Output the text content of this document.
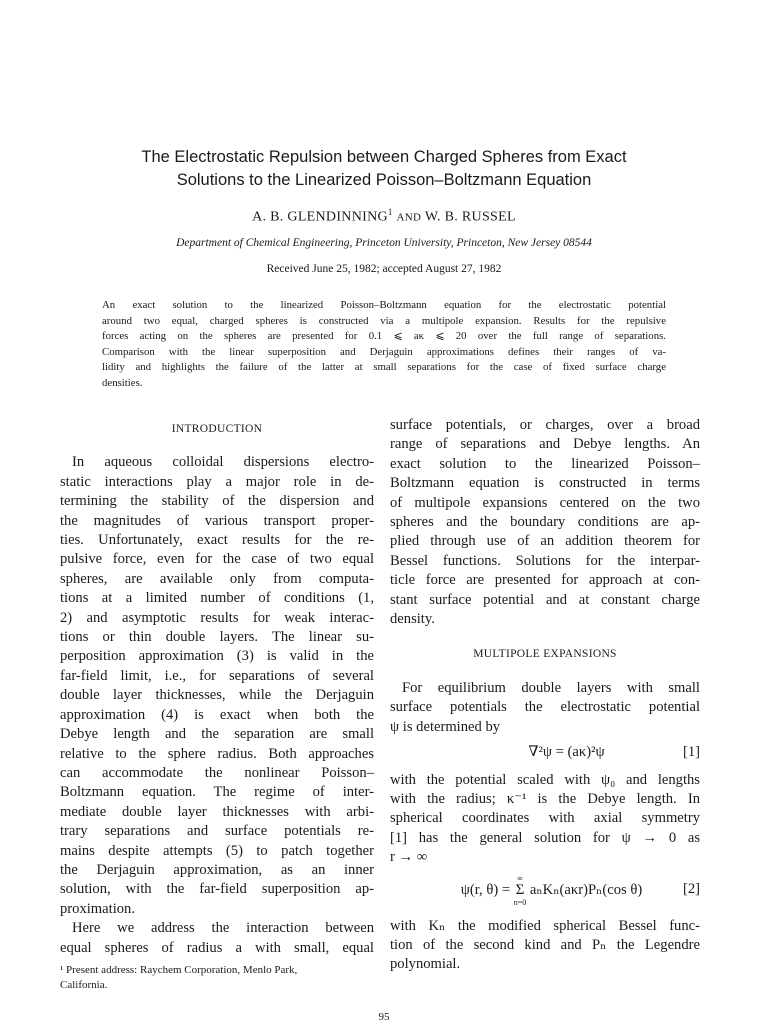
The Electrostatic Repulsion between Charged Spheres from Exact
Solutions to the Linearized Poisson–Boltzmann Equation
A. B. GLENDINNING$^1$ AND W. B. RUSSEL
Department of Chemical Engineering, Princeton University, Princeton, New Jersey 08544
Received June 25, 1982; accepted August 27, 1982
An exact solution to the linearized Poisson–Boltzmann equation for the electrostatic potential
around two equal, charged spheres is constructed via a multipole expansion. Results for the repulsive
forces acting on the spheres are presented for 0.1 ⩽ aκ ⩽ 20 over the full range of separations.
Comparison with the linear superposition and Derjaguin approximations defines their ranges of va-
lidity and highlights the failure of the latter at small separations for the case of fixed surface charge
densities.
INTRODUCTION
In aqueous colloidal dispersions electro-
static interactions play a major role in de-
termining the stability of the dispersion and
the magnitudes of various transport proper-
ties. Unfortunately, exact results for the re-
pulsive force, even for the case of two equal
spheres, are available only from computa-
tions at a limited number of conditions (1,
2) and asymptotic results for weak interac-
tions or thin double layers. The linear su-
perposition approximation (3) is valid in the
far-field limit, i.e., for separations of several
double layer thicknesses, while the Derjaguin
approximation (4) is exact when both the
Debye length and the separation are small
relative to the sphere radius. Both approaches
can accommodate the nonlinear Poisson–
Boltzmann equation. The regime of inter-
mediate double layer thicknesses with arbi-
trary separations and surface potentials re-
mains despite attempts (5) to patch together
the Derjaguin approximation, as an inner
solution, with the far-field superposition ap-
proximation.
Here we address the interaction between
equal spheres of radius a with small, equal
¹ Present address: Raychem Corporation, Menlo Park,
California.
surface potentials, or charges, over a broad
range of separations and Debye lengths. An
exact solution to the linearized Poisson–
Boltzmann equation is constructed in terms
of multipole expansions centered on the two
spheres and the boundary conditions are ap-
plied through use of an addition theorem for
Bessel functions. Solutions for the interpar-
ticle force are presented for approach at con-
stant surface potential and at constant charge
density.
MULTIPOLE EXPANSIONS
For equilibrium double layers with small
surface potentials the electrostatic potential
ψ is determined by
∇²ψ = (aκ)²ψ	[1]
with the potential scaled with ψ₀ and lengths
with the radius; κ⁻¹ is the Debye length. In
spherical coordinates with axial symmetry
[1] has the general solution for ψ → 0 as
r → ∞
ψ(r, θ) =
∞
Σ
n=0
aₙKₙ(aκr)Pₙ(cos θ)	[2]
with Kₙ the modified spherical Bessel func-
tion of the second kind and Pₙ the Legendre
polynomial.
95
